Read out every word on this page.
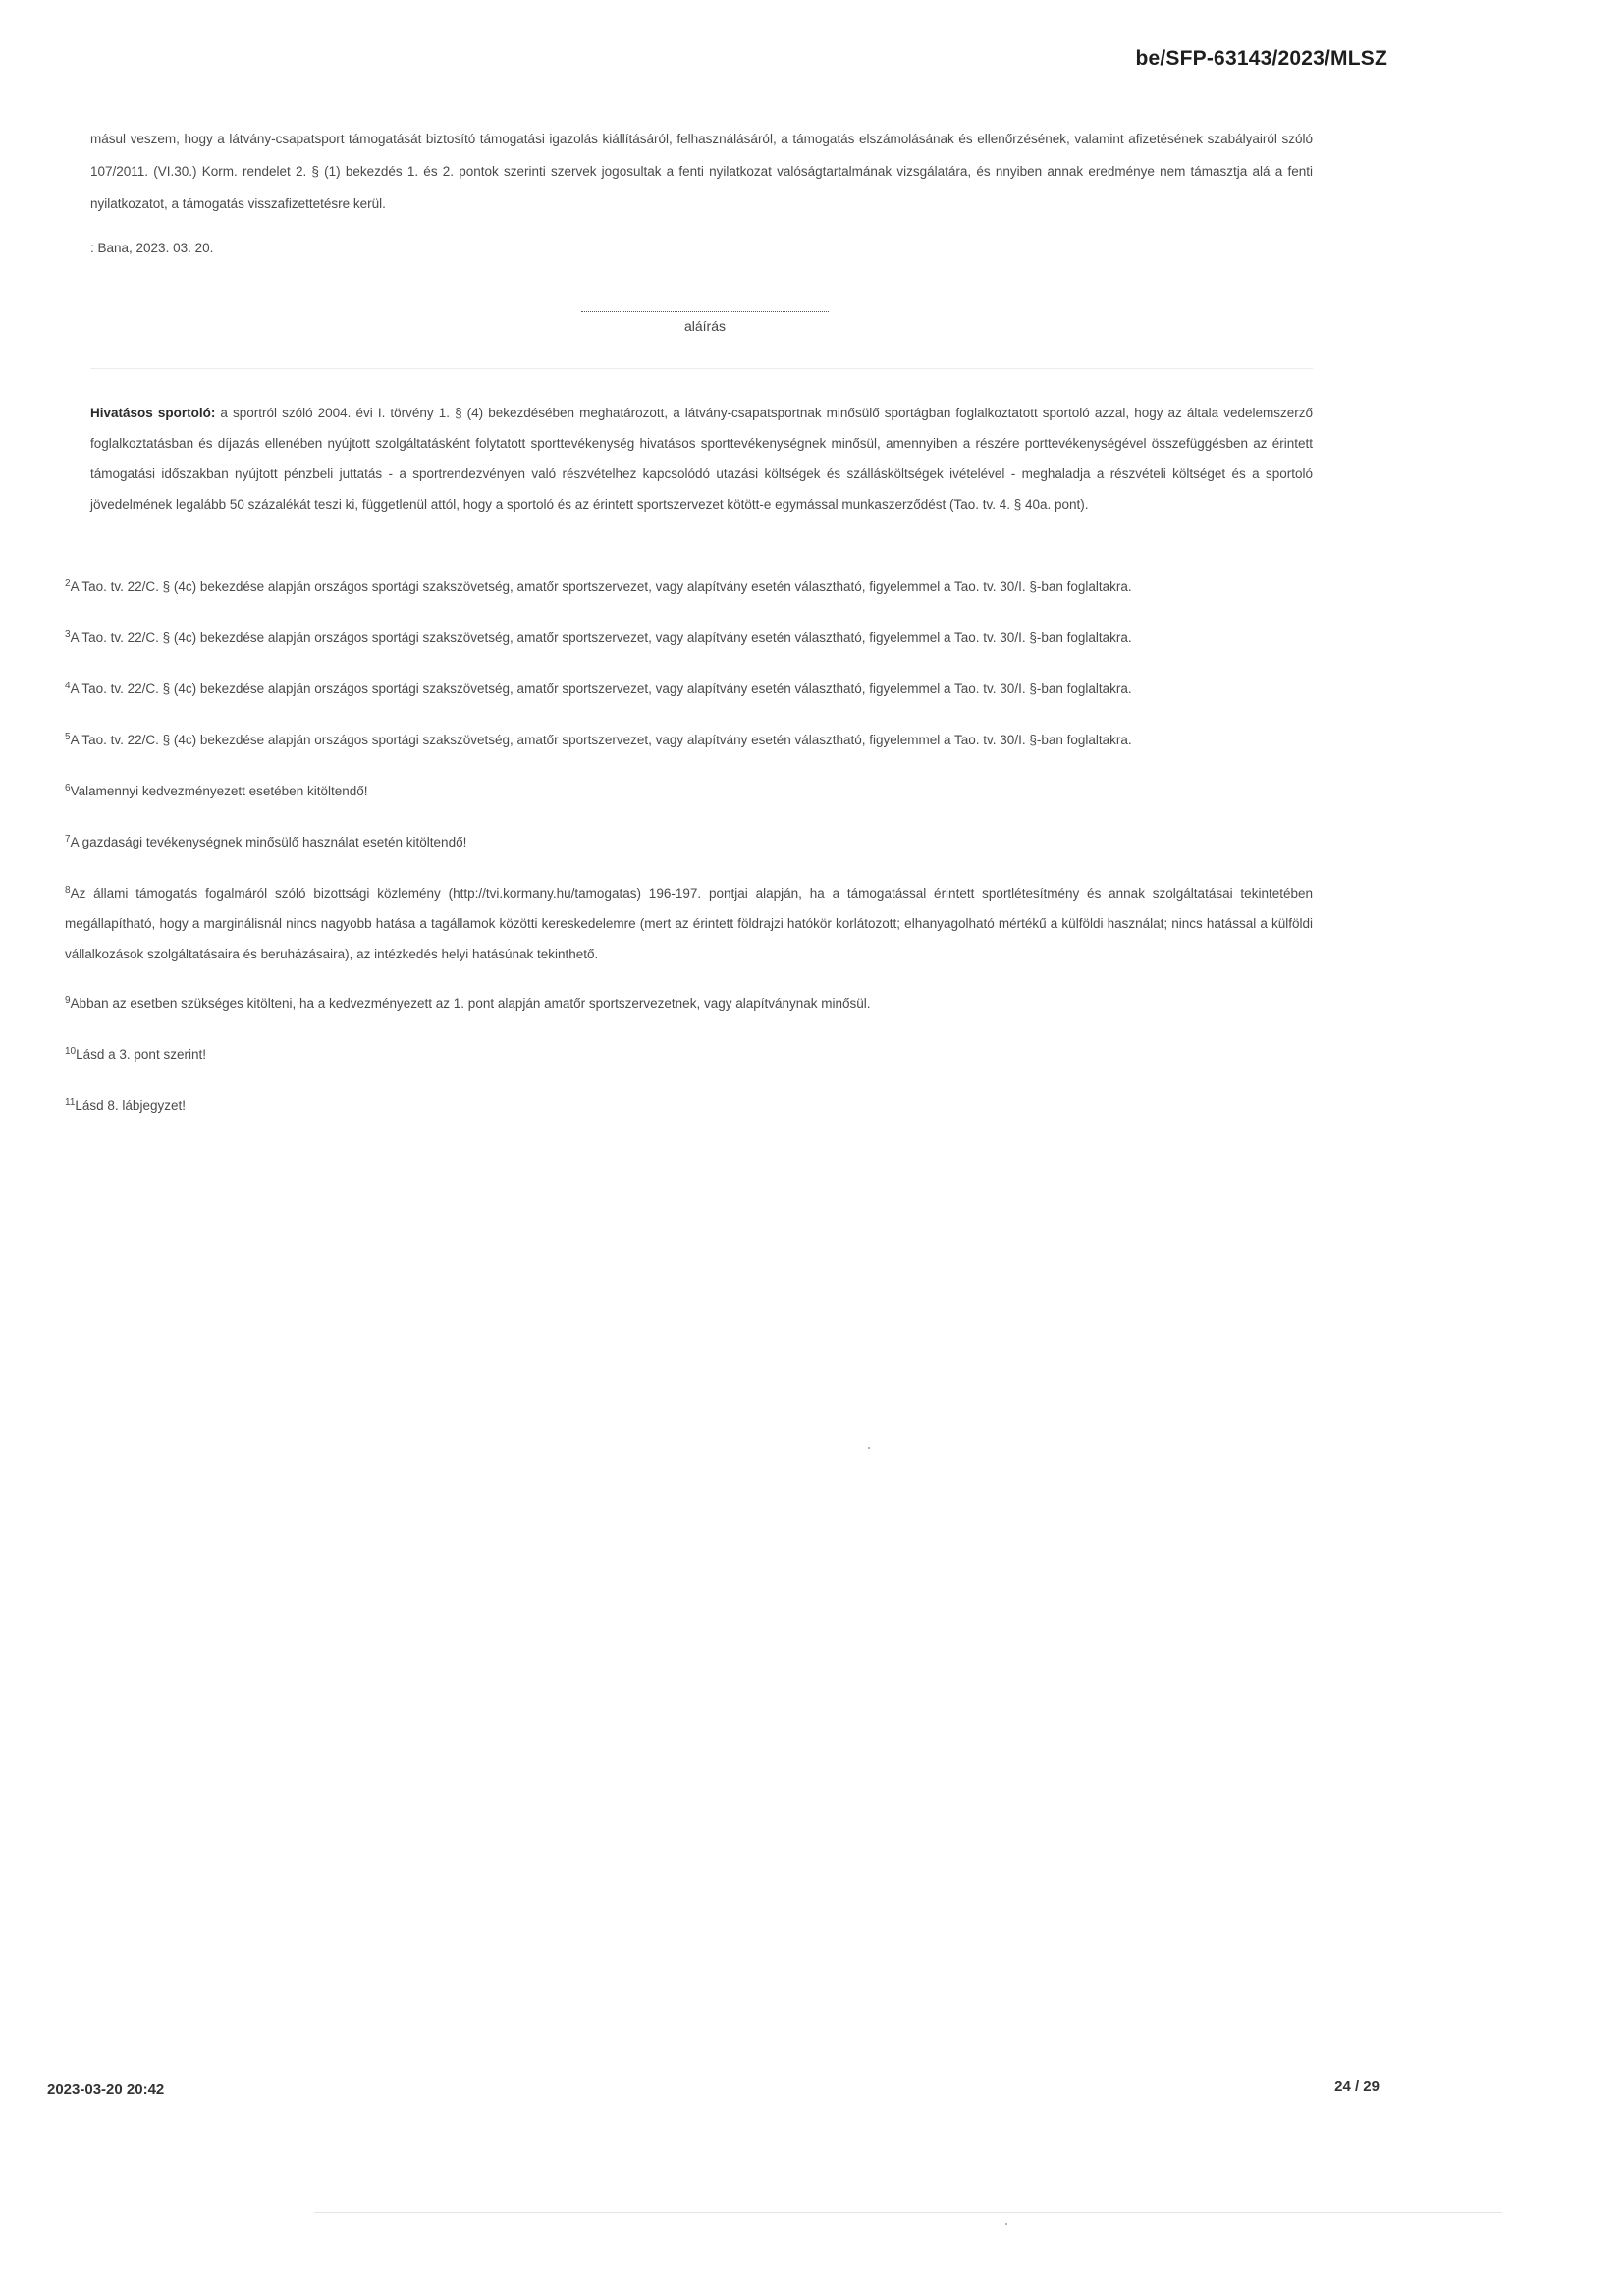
be/SFP-63143/2023/MLSZ
másul veszem, hogy a látvány-csapatsport támogatását biztosító támogatási igazolás kiállításáról, felhasználásáról, a támogatás elszámolásának és ellenőrzésének, valamint afizetésének szabályairól szóló 107/2011. (VI.30.) Korm. rendelet 2. § (1) bekezdés 1. és 2. pontok szerinti szervek jogosultak a fenti nyilatkozat valóságtartalmának vizsgálatára, és nnyiben annak eredménye nem támasztja alá a fenti nyilatkozatot, a támogatás visszafizettetésre kerül.
: Bana, 2023. 03. 20.
aláírás
Hivatásos sportoló: a sportról szóló 2004. évi I. törvény 1. § (4) bekezdésében meghatározott, a látvány-csapatsportnak minősülő sportágban foglalkoztatott sportoló azzal, hogy az általa vedelemszerző foglalkoztatásban és díjazás ellenében nyújtott szolgáltatásként folytatott sporttevékenység hivatásos sporttevékenységnek minősül, amennyiben a részére porttevékenységével összefüggésben az érintett támogatási időszakban nyújtott pénzbeli juttatás - a sportrendezvényen való részvételhez kapcsolódó utazási költségek és szállásköltségek ivételével - meghaladja a részvételi költséget és a sportoló jövedelmének legalább 50 százalékát teszi ki, függetlenül attól, hogy a sportoló és az érintett sportszervezet kötött-e egymással munkaszerződést (Tao. tv. 4. § 40a. pont).
$^2$A Tao. tv. 22/C. § (4c) bekezdése alapján országos sportági szakszövetség, amatőr sportszervezet, vagy alapítvány esetén választható, figyelemmel a Tao. tv. 30/I. §-ban foglaltakra.
$^3$A Tao. tv. 22/C. § (4c) bekezdése alapján országos sportági szakszövetség, amatőr sportszervezet, vagy alapítvány esetén választható, figyelemmel a Tao. tv. 30/I. §-ban foglaltakra.
$^4$A Tao. tv. 22/C. § (4c) bekezdése alapján országos sportági szakszövetség, amatőr sportszervezet, vagy alapítvány esetén választható, figyelemmel a Tao. tv. 30/I. §-ban foglaltakra.
$^5$A Tao. tv. 22/C. § (4c) bekezdése alapján országos sportági szakszövetség, amatőr sportszervezet, vagy alapítvány esetén választható, figyelemmel a Tao. tv. 30/I. §-ban foglaltakra.
$^6$Valamennyi kedvezményezett esetében kitöltendő!
$^7$A gazdasági tevékenységnek minősülő használat esetén kitöltendő!
$^8$Az állami támogatás fogalmáról szóló bizottsági közlemény (http://tvi.kormany.hu/tamogatas) 196-197. pontjai alapján, ha a támogatással érintett sportlétesítmény és annak szolgáltatásai tekintetében megállapítható, hogy a marginálisnál nincs nagyobb hatása a tagállamok közötti kereskedelemre (mert az érintett földrajzi hatókör korlátozott; elhanyagolható mértékű a külföldi használat; nincs hatással a külföldi vállalkozások szolgáltatásaira és beruházásaira), az intézkedés helyi hatásúnak tekinthető.
$^9$Abban az esetben szükséges kitölteni, ha a kedvezményezett az 1. pont alapján amatőr sportszervezetnek, vagy alapítványnak minősül.
$^{10}$Lásd a 3. pont szerint!
$^{11}$Lásd 8. lábjegyzet!
2023-03-20 20:42	24 / 29
